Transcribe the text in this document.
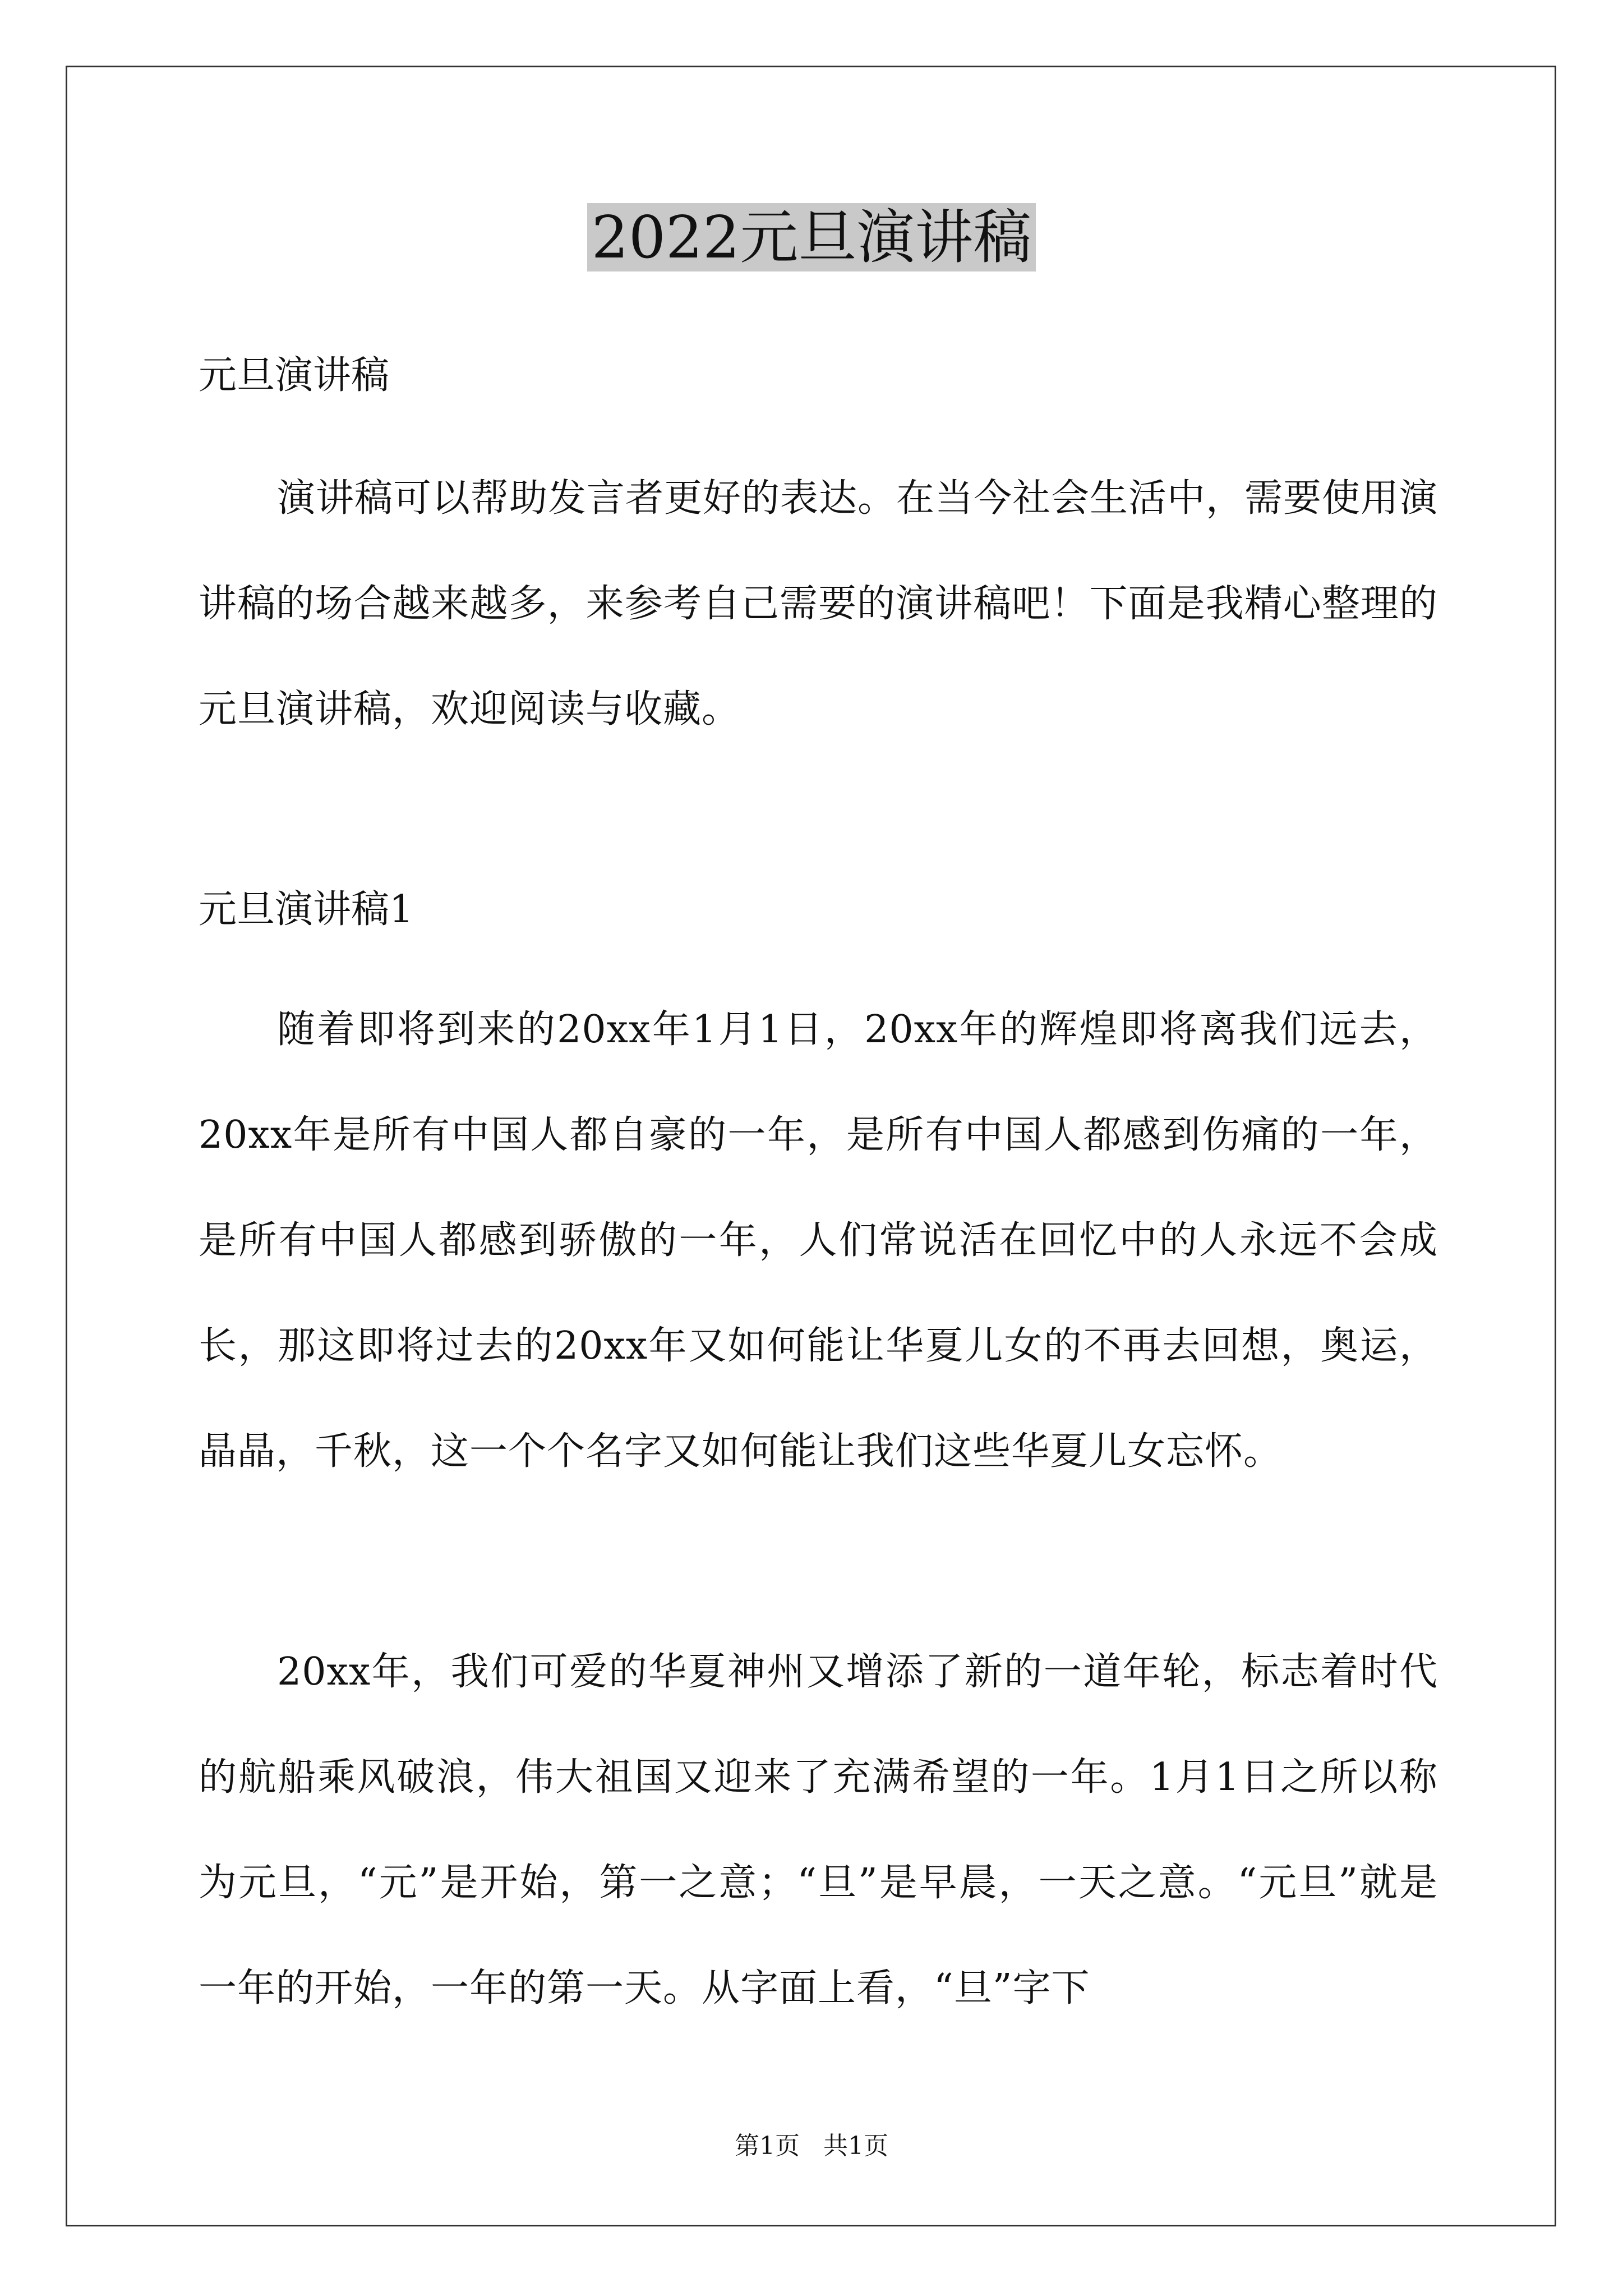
2022元旦演讲稿

元旦演讲稿

演讲稿可以帮助发言者更好的表达。在当今社会生活中，需要使用演讲稿的场合越来越多，来参考自己需要的演讲稿吧！下面是我精心整理的元旦演讲稿，欢迎阅读与收藏。

元旦演讲稿1

随着即将到来的20xx年1月1日，20xx年的辉煌即将离我们远去，20xx年是所有中国人都自豪的一年，是所有中国人都感到伤痛的一年，是所有中国人都感到骄傲的一年，人们常说活在回忆中的人永远不会成长，那这即将过去的20xx年又如何能让华夏儿女的不再去回想，奥运，晶晶，千秋，这一个个名字又如何能让我们这些华夏儿女忘怀。

20xx年，我们可爱的华夏神州又增添了新的一道年轮，标志着时代的航船乘风破浪，伟大祖国又迎来了充满希望的一年。1月1日之所以称为元旦，“元”是开始，第一之意；“旦”是早晨，一天之意。“元旦”就是一年的开始，一年的第一天。从字面上看，“旦”字下

第1页   共1页
